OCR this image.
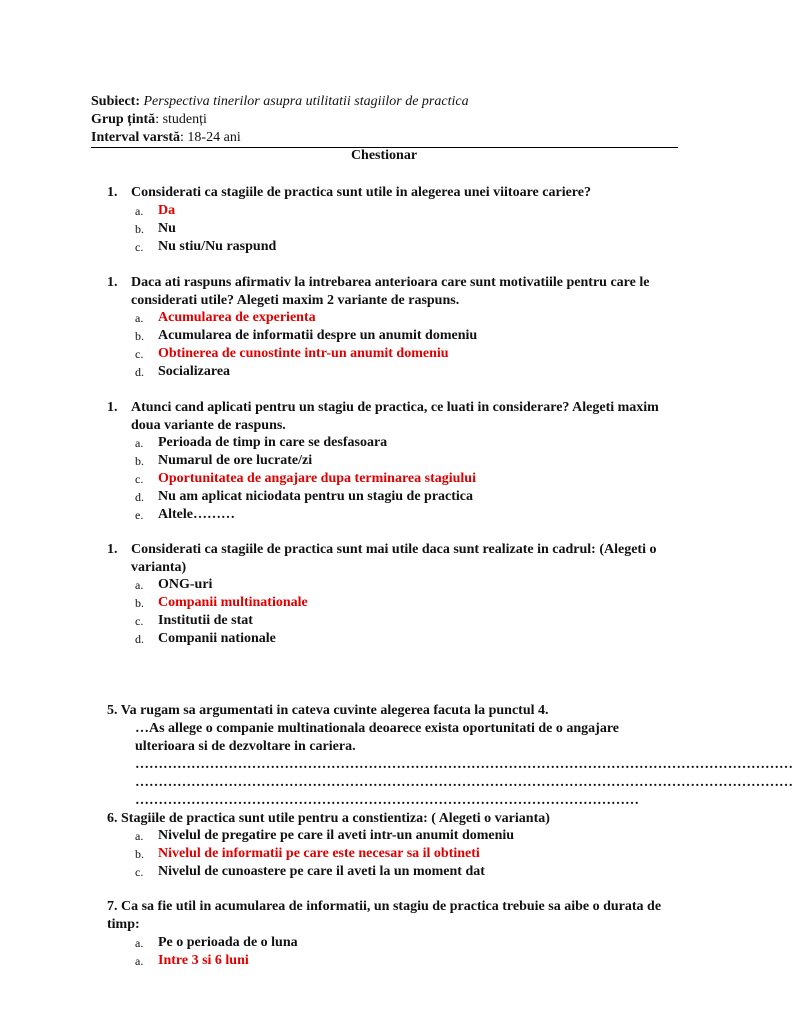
Subiect: Perspectiva tinerilor asupra utilitatii stagiilor de practica
Grup țintă: studenți
Interval varstă: 18-24 ani
Chestionar
1. Considerati ca stagiile de practica sunt utile in alegerea unei viitoare cariere?
a. Da
b. Nu
c. Nu stiu/Nu raspund
1. Daca ati raspuns afirmativ la intrebarea anterioara care sunt motivatiile pentru care le considerati utile? Alegeti maxim 2 variante de raspuns.
a. Acumularea de experienta
b. Acumularea de informatii despre un anumit domeniu
c. Obtinerea de cunostinte intr-un anumit domeniu
d. Socializarea
1. Atunci cand aplicati pentru un stagiu de practica, ce luati in considerare? Alegeti maxim doua variante de raspuns.
a. Perioada de timp in care se desfasoara
b. Numarul de ore lucrate/zi
c. Oportunitatea de angajare dupa terminarea stagiului
d. Nu am aplicat niciodata pentru un stagiu de practica
e. Altele………
1. Considerati ca stagiile de practica sunt mai utile daca sunt realizate in cadrul: (Alegeti o varianta)
a. ONG-uri
b. Companii multinationale
c. Institutii de stat
d. Companii nationale
5. Va rugam sa argumentati in cateva cuvinte alegerea facuta la punctul 4.
…As allege o companie multinationala deoarece exista oportunitati de o angajare ulterioara si de dezvoltare in cariera.
……………………………………………………………………………………………………………………………
……………………………………………………………………………………………………………………………
………………………………………………………………………………………………
6. Stagiile de practica sunt utile pentru a constientiza: ( Alegeti o varianta)
a. Nivelul de pregatire pe care il aveti intr-un anumit domeniu
b. Nivelul de informatii pe care este necesar sa il obtineti
c. Nivelul de cunoastere pe care il aveti la un moment dat
7. Ca sa fie util in acumularea de informatii, un stagiu de practica trebuie sa aibe o durata de timp:
a. Pe o perioada de o luna
a. Intre 3 si 6 luni
